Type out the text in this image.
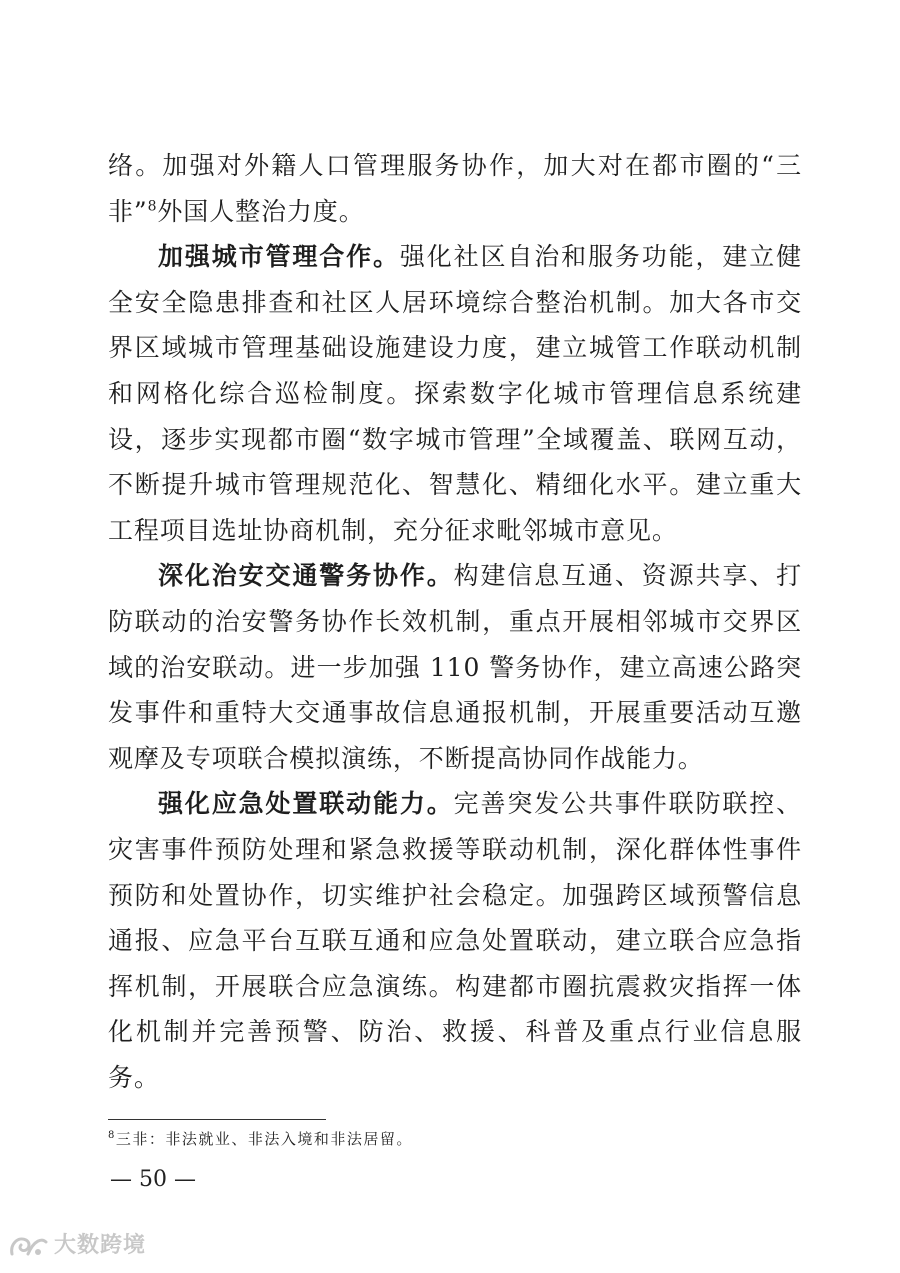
络。加强对外籍人口管理服务协作，加大对在都市圈的“三非”$^8$外国人整治力度。

加强城市管理合作。强化社区自治和服务功能，建立健全安全隐患排查和社区人居环境综合整治机制。加大各市交界区域城市管理基础设施建设力度，建立城管工作联动机制和网格化综合巡检制度。探索数字化城市管理信息系统建设，逐步实现都市圈“数字城市管理”全域覆盖、联网互动，不断提升城市管理规范化、智慧化、精细化水平。建立重大工程项目选址协商机制，充分征求毗邻城市意见。

深化治安交通警务协作。构建信息互通、资源共享、打防联动的治安警务协作长效机制，重点开展相邻城市交界区域的治安联动。进一步加强 110 警务协作，建立高速公路突发事件和重特大交通事故信息通报机制，开展重要活动互邀观摩及专项联合模拟演练，不断提高协同作战能力。

强化应急处置联动能力。完善突发公共事件联防联控、灾害事件预防处理和紧急救援等联动机制，深化群体性事件预防和处置协作，切实维护社会稳定。加强跨区域预警信息通报、应急平台互联互通和应急处置联动，建立联合应急指挥机制，开展联合应急演练。构建都市圈抗震救灾指挥一体化机制并完善预警、防治、救援、科普及重点行业信息服务。

$^8$三非：非法就业、非法入境和非法居留。
— 50 —
大数跨境
